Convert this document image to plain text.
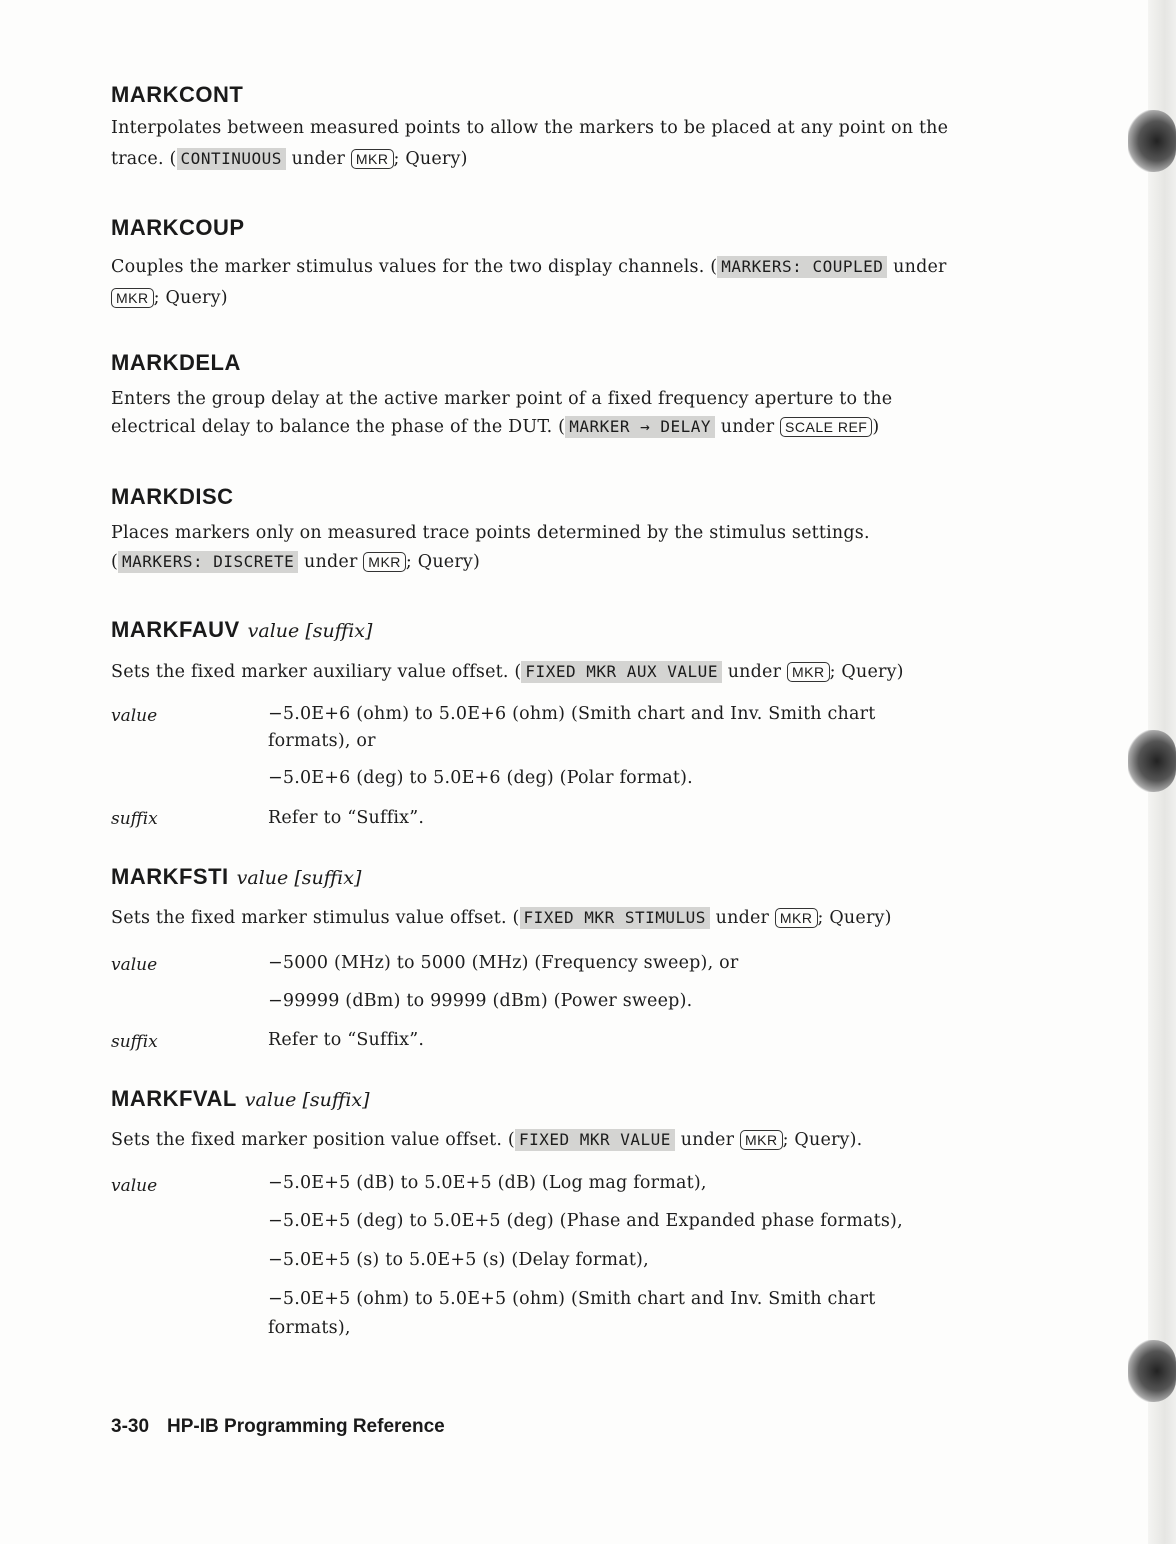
MARKCONT
Interpolates between measured points to allow the markers to be placed at any point on the
trace. ( CONTINUOUS under MKR ; Query)
MARKCOUP
Couples the marker stimulus values for the two display channels. ( MARKERS: COUPLED under
MKR ; Query)
MARKDELA
Enters the group delay at the active marker point of a fixed frequency aperture to the
electrical delay to balance the phase of the DUT. ( MARKER → DELAY under SCALE REF )
MARKDISC
Places markers only on measured trace points determined by the stimulus settings.
( MARKERS: DISCRETE under MKR ; Query)
MARKFAUV value [suffix]
Sets the fixed marker auxiliary value offset. ( FIXED MKR AUX VALUE under MKR ; Query)
value	−5.0E+6 (ohm) to 5.0E+6 (ohm) (Smith chart and Inv. Smith chart
formats), or
−5.0E+6 (deg) to 5.0E+6 (deg) (Polar format).
suffix	Refer to “Suffix”.
MARKFSTI value [suffix]
Sets the fixed marker stimulus value offset. ( FIXED MKR STIMULUS under MKR ; Query)
value	−5000 (MHz) to 5000 (MHz) (Frequency sweep), or
−99999 (dBm) to 99999 (dBm) (Power sweep).
suffix	Refer to “Suffix”.
MARKFVAL value [suffix]
Sets the fixed marker position value offset. ( FIXED MKR VALUE under MKR ; Query).
value	−5.0E+5 (dB) to 5.0E+5 (dB) (Log mag format),
−5.0E+5 (deg) to 5.0E+5 (deg) (Phase and Expanded phase formats),
−5.0E+5 (s) to 5.0E+5 (s) (Delay format),
−5.0E+5 (ohm) to 5.0E+5 (ohm) (Smith chart and Inv. Smith chart
formats),
3-30 HP-IB Programming Reference
